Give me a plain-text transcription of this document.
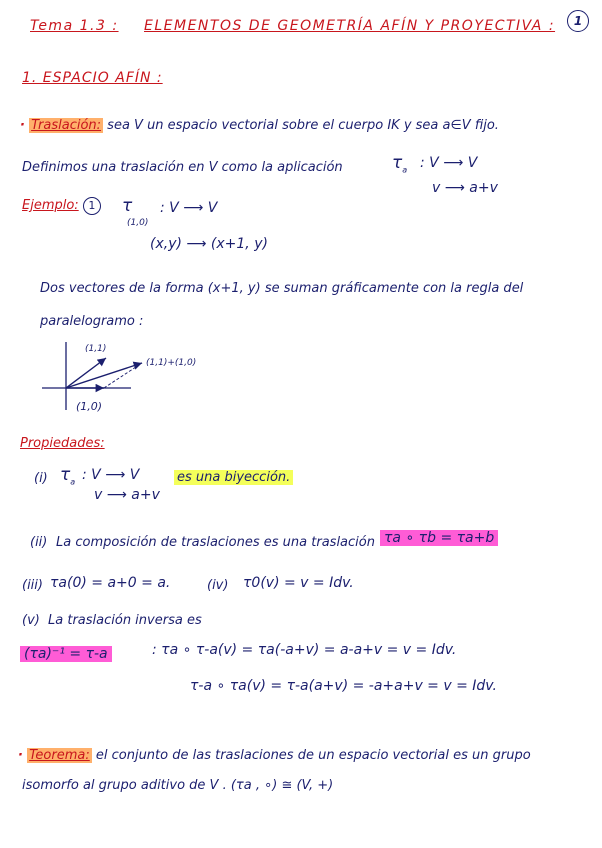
1
Tema 1.3 : ELEMENTOS DE GEOMETRÍA AFÍN Y PROYECTIVA :
1. ESPACIO AFÍN :
· Traslación: sea V un espacio vectorial sobre el cuerpo IK y sea a∈V fijo.
Definimos una traslación en V como la aplicación	$\tau_a$ : V ⟶ V
v ⟶ a+v
Ejemplo: 1	τ
(1,0)
: V ⟶ V
(x,y) ⟶ (x+1, y)
Dos vectores de la forma (x+1, y) se suman gráficamente con la regla del
paralelogramo :
(1,1)
(1,1)+(1,0)
(1,0)
Propiedades:
(i) $\tau_a$ : V ⟶ V
v ⟶ a+v
es una biyección.
(ii) La composición de traslaciones es una traslación τa ∘ τb = τa+b
(iii) τa(0) = a+0 = a.	(iv) τ0(v) = v = Idv.
(v) La traslación inversa es
(τa)⁻¹ = τ-a	: τa ∘ τ-a(v) = τa(-a+v) = a-a+v = v = Idv.
τ-a ∘ τa(v) = τ-a(a+v) = -a+a+v = v = Idv.
· Teorema: el conjunto de las traslaciones de un espacio vectorial es un grupo
isomorfo al grupo aditivo de V . (τa , ∘) ≅ (V, +)
